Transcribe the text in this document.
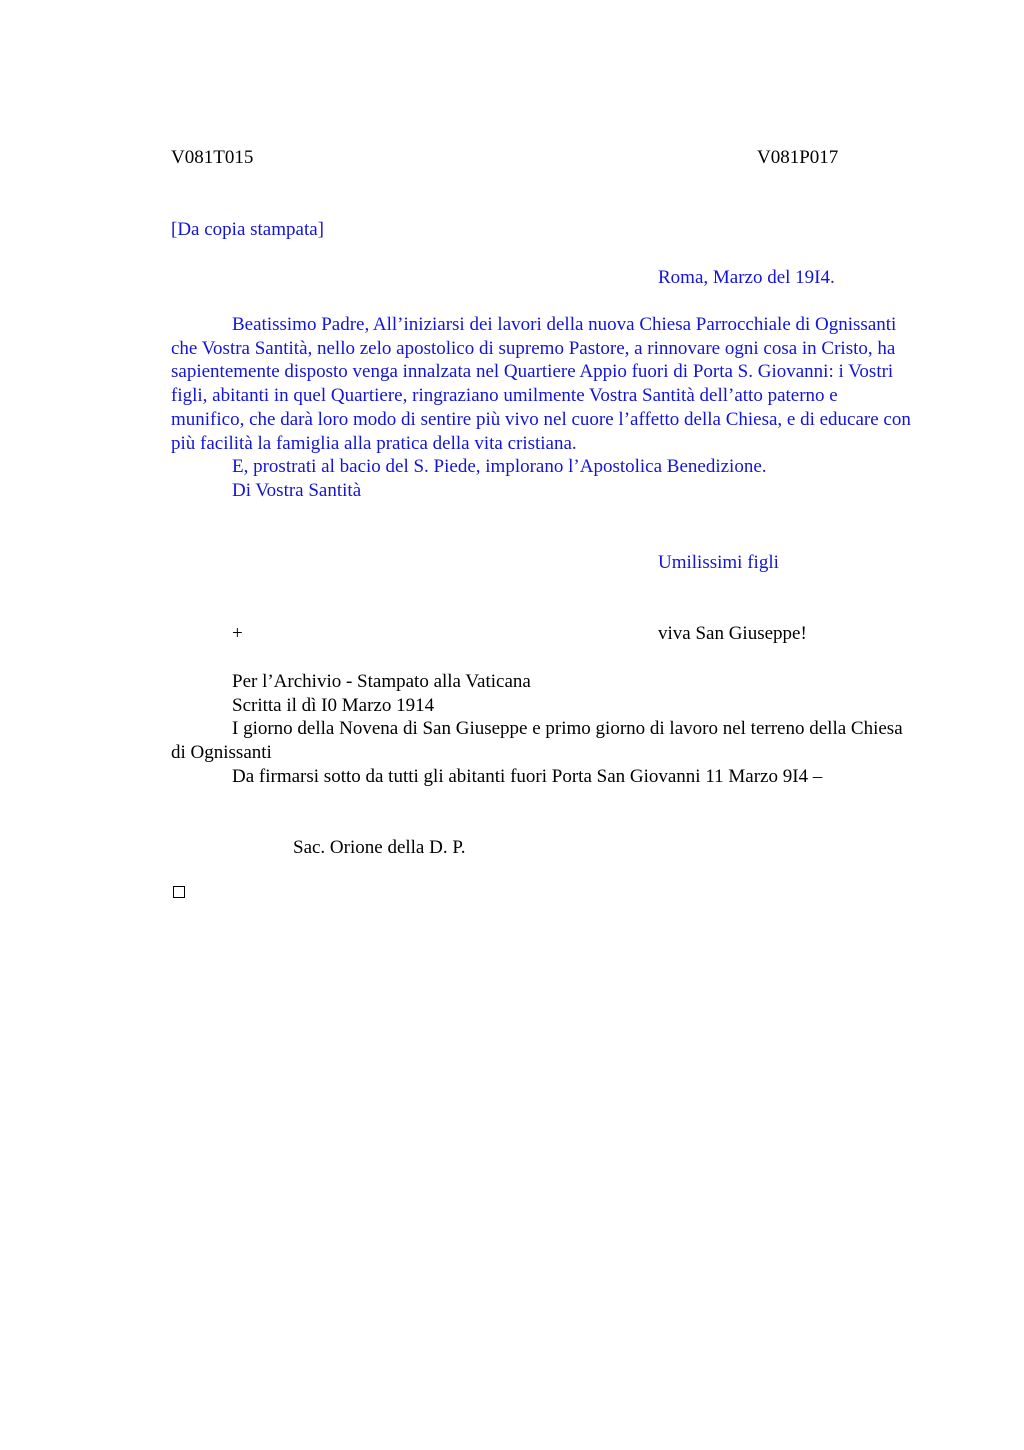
V081T015	V081P017
[Da copia stampata]
Roma, Marzo del 19I4.

Beatissimo Padre, All’iniziarsi dei lavori della nuova Chiesa Parrocchiale di Ognissanti che Vostra Santità, nello zelo apostolico di supremo Pastore, a rinnovare ogni cosa in Cristo, ha sapientemente disposto venga innalzata nel Quartiere Appio fuori di Porta S. Giovanni: i Vostri figli, abitanti in quel Quartiere, ringraziano umilmente Vostra Santità dell’atto paterno e munifico, che darà loro modo di sentire più vivo nel cuore l’affetto della Chiesa, e di educare con più facilità la famiglia alla pratica della vita cristiana.

E, prostrati al bacio del S. Piede, implorano l’Apostolica Benedizione.
Di Vostra Santità
Umilissimi figli
+	viva San Giuseppe!
Per l’Archivio - Stampato alla Vaticana
Scritta il dì I0 Marzo 1914

I giorno della Novena di San Giuseppe e primo giorno di lavoro nel terreno della Chiesa di Ognissanti

Da firmarsi sotto da tutti gli abitanti fuori Porta San Giovanni 11 Marzo 9I4 –
Sac. Orione della D. P.
